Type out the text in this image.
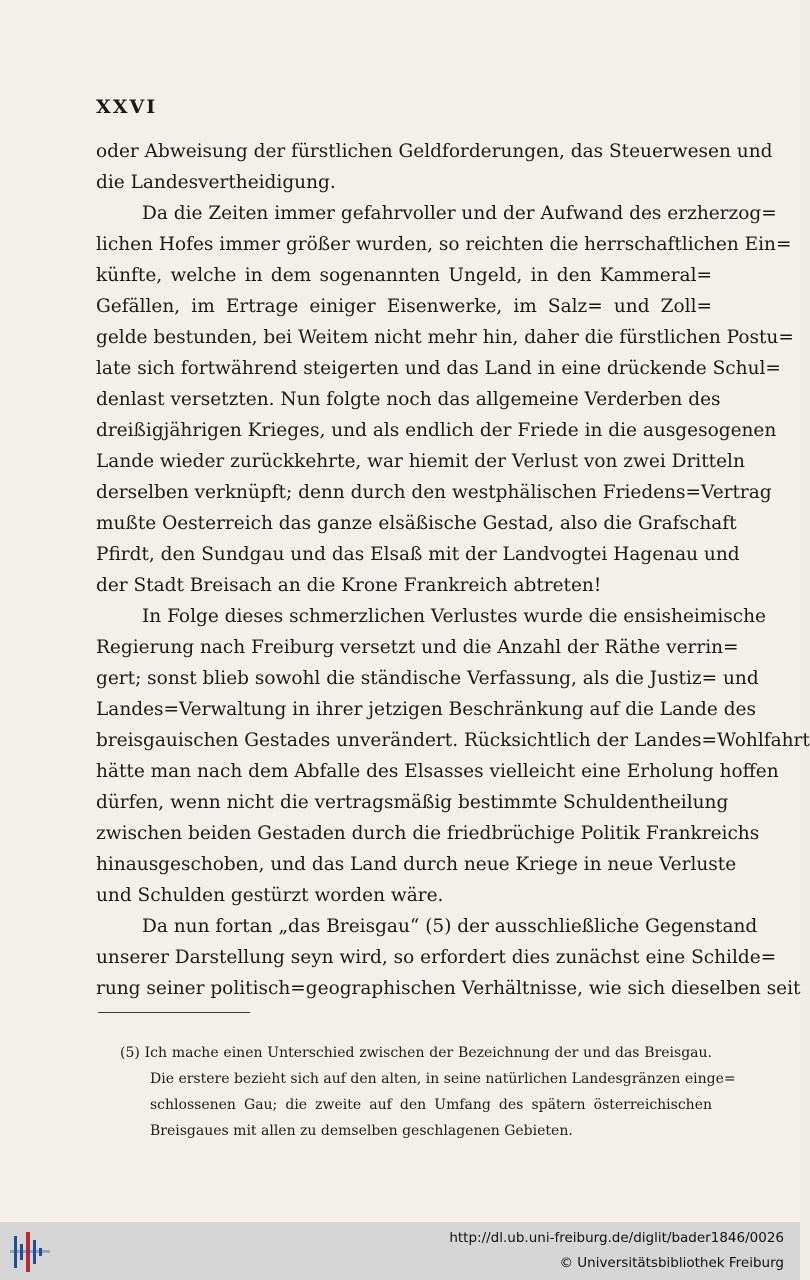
XXVI
oder Abweisung der fürstlichen Geldforderungen, das Steuerwesen und
die Landesvertheidigung.
Da die Zeiten immer gefahrvoller und der Aufwand des erzherzog=
lichen Hofes immer größer wurden, so reichten die herrschaftlichen Ein=
künfte, welche in dem sogenannten Ungeld, in den Kammeral=
Gefällen, im Ertrage einiger Eisenwerke, im Salz= und Zoll=
gelde bestunden, bei Weitem nicht mehr hin, daher die fürstlichen Postu=
late sich fortwährend steigerten und das Land in eine drückende Schul=
denlast versetzten. Nun folgte noch das allgemeine Verderben des
dreißigjährigen Krieges, und als endlich der Friede in die ausgesogenen
Lande wieder zurückkehrte, war hiemit der Verlust von zwei Dritteln
derselben verknüpft; denn durch den westphälischen Friedens=Vertrag
mußte Oesterreich das ganze elsäßische Gestad, also die Grafschaft
Pfirdt, den Sundgau und das Elsaß mit der Landvogtei Hagenau und
der Stadt Breisach an die Krone Frankreich abtreten!
In Folge dieses schmerzlichen Verlustes wurde die ensisheimische
Regierung nach Freiburg versetzt und die Anzahl der Räthe verrin=
gert; sonst blieb sowohl die ständische Verfassung, als die Justiz= und
Landes=Verwaltung in ihrer jetzigen Beschränkung auf die Lande des
breisgauischen Gestades unverändert. Rücksichtlich der Landes=Wohlfahrt
hätte man nach dem Abfalle des Elsasses vielleicht eine Erholung hoffen
dürfen, wenn nicht die vertragsmäßig bestimmte Schuldentheilung
zwischen beiden Gestaden durch die friedbrüchige Politik Frankreichs
hinausgeschoben, und das Land durch neue Kriege in neue Verluste
und Schulden gestürzt worden wäre.
Da nun fortan „das Breisgau“ (5) der ausschließliche Gegenstand
unserer Darstellung seyn wird, so erfordert dies zunächst eine Schilde=
rung seiner politisch=geographischen Verhältnisse, wie sich dieselben seit
(5) Ich mache einen Unterschied zwischen der Bezeichnung der und das Breisgau.
Die erstere bezieht sich auf den alten, in seine natürlichen Landesgränzen einge=
schlossenen Gau; die zweite auf den Umfang des spätern österreichischen
Breisgaues mit allen zu demselben geschlagenen Gebieten.
http://dl.ub.uni-freiburg.de/diglit/bader1846/0026
© Universitätsbibliothek Freiburg
